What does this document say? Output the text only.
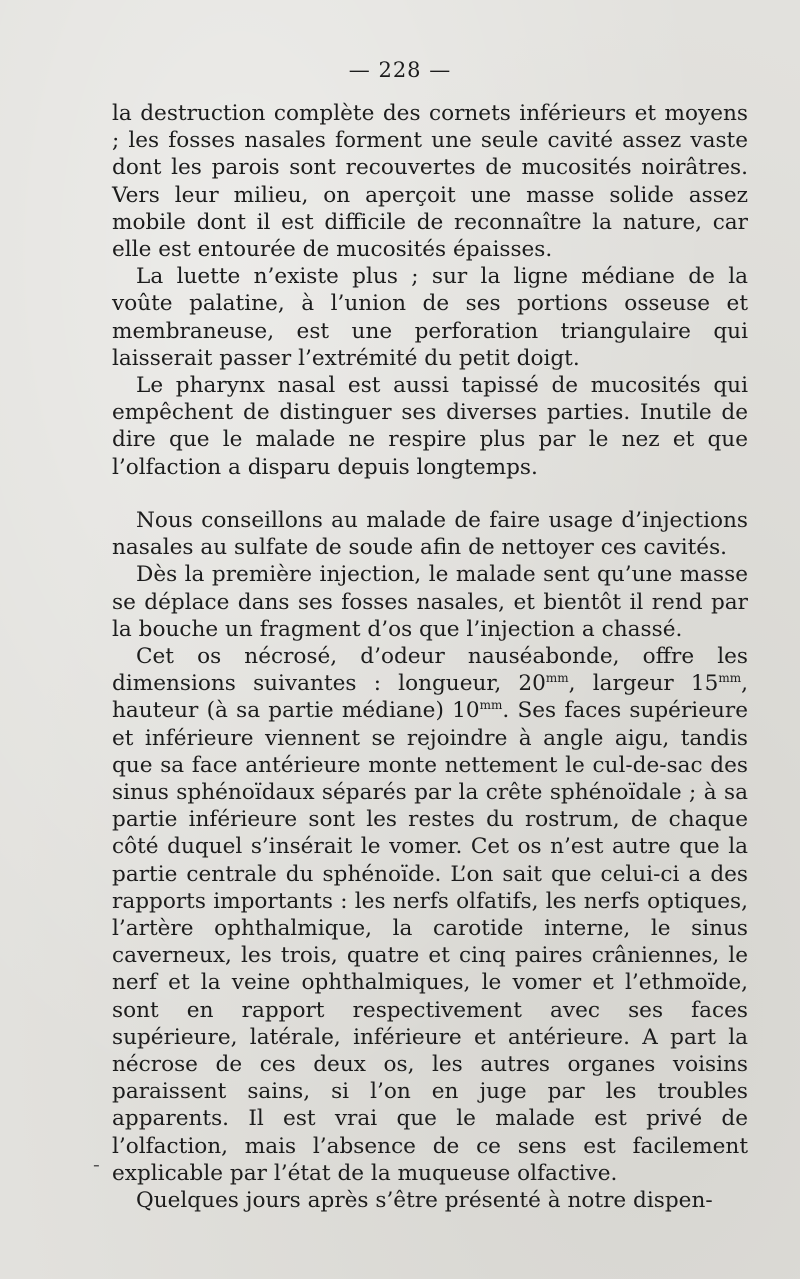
— 228 —

la destruction complète des cornets inférieurs et moyens ; les fosses nasales forment une seule cavité assez vaste dont les parois sont recouvertes de mucosités noirâtres. Vers leur milieu, on aperçoit une masse solide assez mobile dont il est difficile de reconnaître la nature, car elle est entourée de mucosités épaisses.

La luette n’existe plus ; sur la ligne médiane de la voûte palatine, à l’union de ses portions osseuse et membraneuse, est une perforation triangulaire qui laisserait passer l’extrémité du petit doigt.

Le pharynx nasal est aussi tapissé de mucosités qui empêchent de distinguer ses diverses parties. Inutile de dire que le malade ne respire plus par le nez et que l’olfaction a disparu depuis longtemps.

Nous conseillons au malade de faire usage d’injections nasales au sulfate de soude afin de nettoyer ces cavités.

Dès la première injection, le malade sent qu’une masse se déplace dans ses fosses nasales, et bientôt il rend par la bouche un fragment d’os que l’injection a chassé.

Cet os nécrosé, d’odeur nauséabonde, offre les dimensions suivantes : longueur, $20^{mm}$, largeur $15^{mm}$, hauteur (à sa partie médiane) $10^{mm}$. Ses faces supérieure et inférieure viennent se rejoindre à angle aigu, tandis que sa face antérieure monte nettement le cul-de-sac des sinus sphénoïdaux séparés par la crête sphénoïdale ; à sa partie inférieure sont les restes du rostrum, de chaque côté duquel s’insérait le vomer. Cet os n’est autre que la partie centrale du sphénoïde. L’on sait que celui-ci a des rapports importants : les nerfs olfatifs, les nerfs optiques, l’artère ophthalmique, la carotide interne, le sinus caverneux, les trois, quatre et cinq paires crâniennes, le nerf et la veine ophthalmiques, le vomer et l’ethmoïde, sont en rapport respectivement avec ses faces supérieure, latérale, inférieure et antérieure. A part la nécrose de ces deux os, les autres organes voisins paraissent sains, si l’on en juge par les troubles apparents. Il est vrai que le malade est privé de l’olfaction, mais l’absence de ce sens est facilement explicable par l’état de la muqueuse olfactive.

Quelques jours après s’être présenté à notre dispen-

-
